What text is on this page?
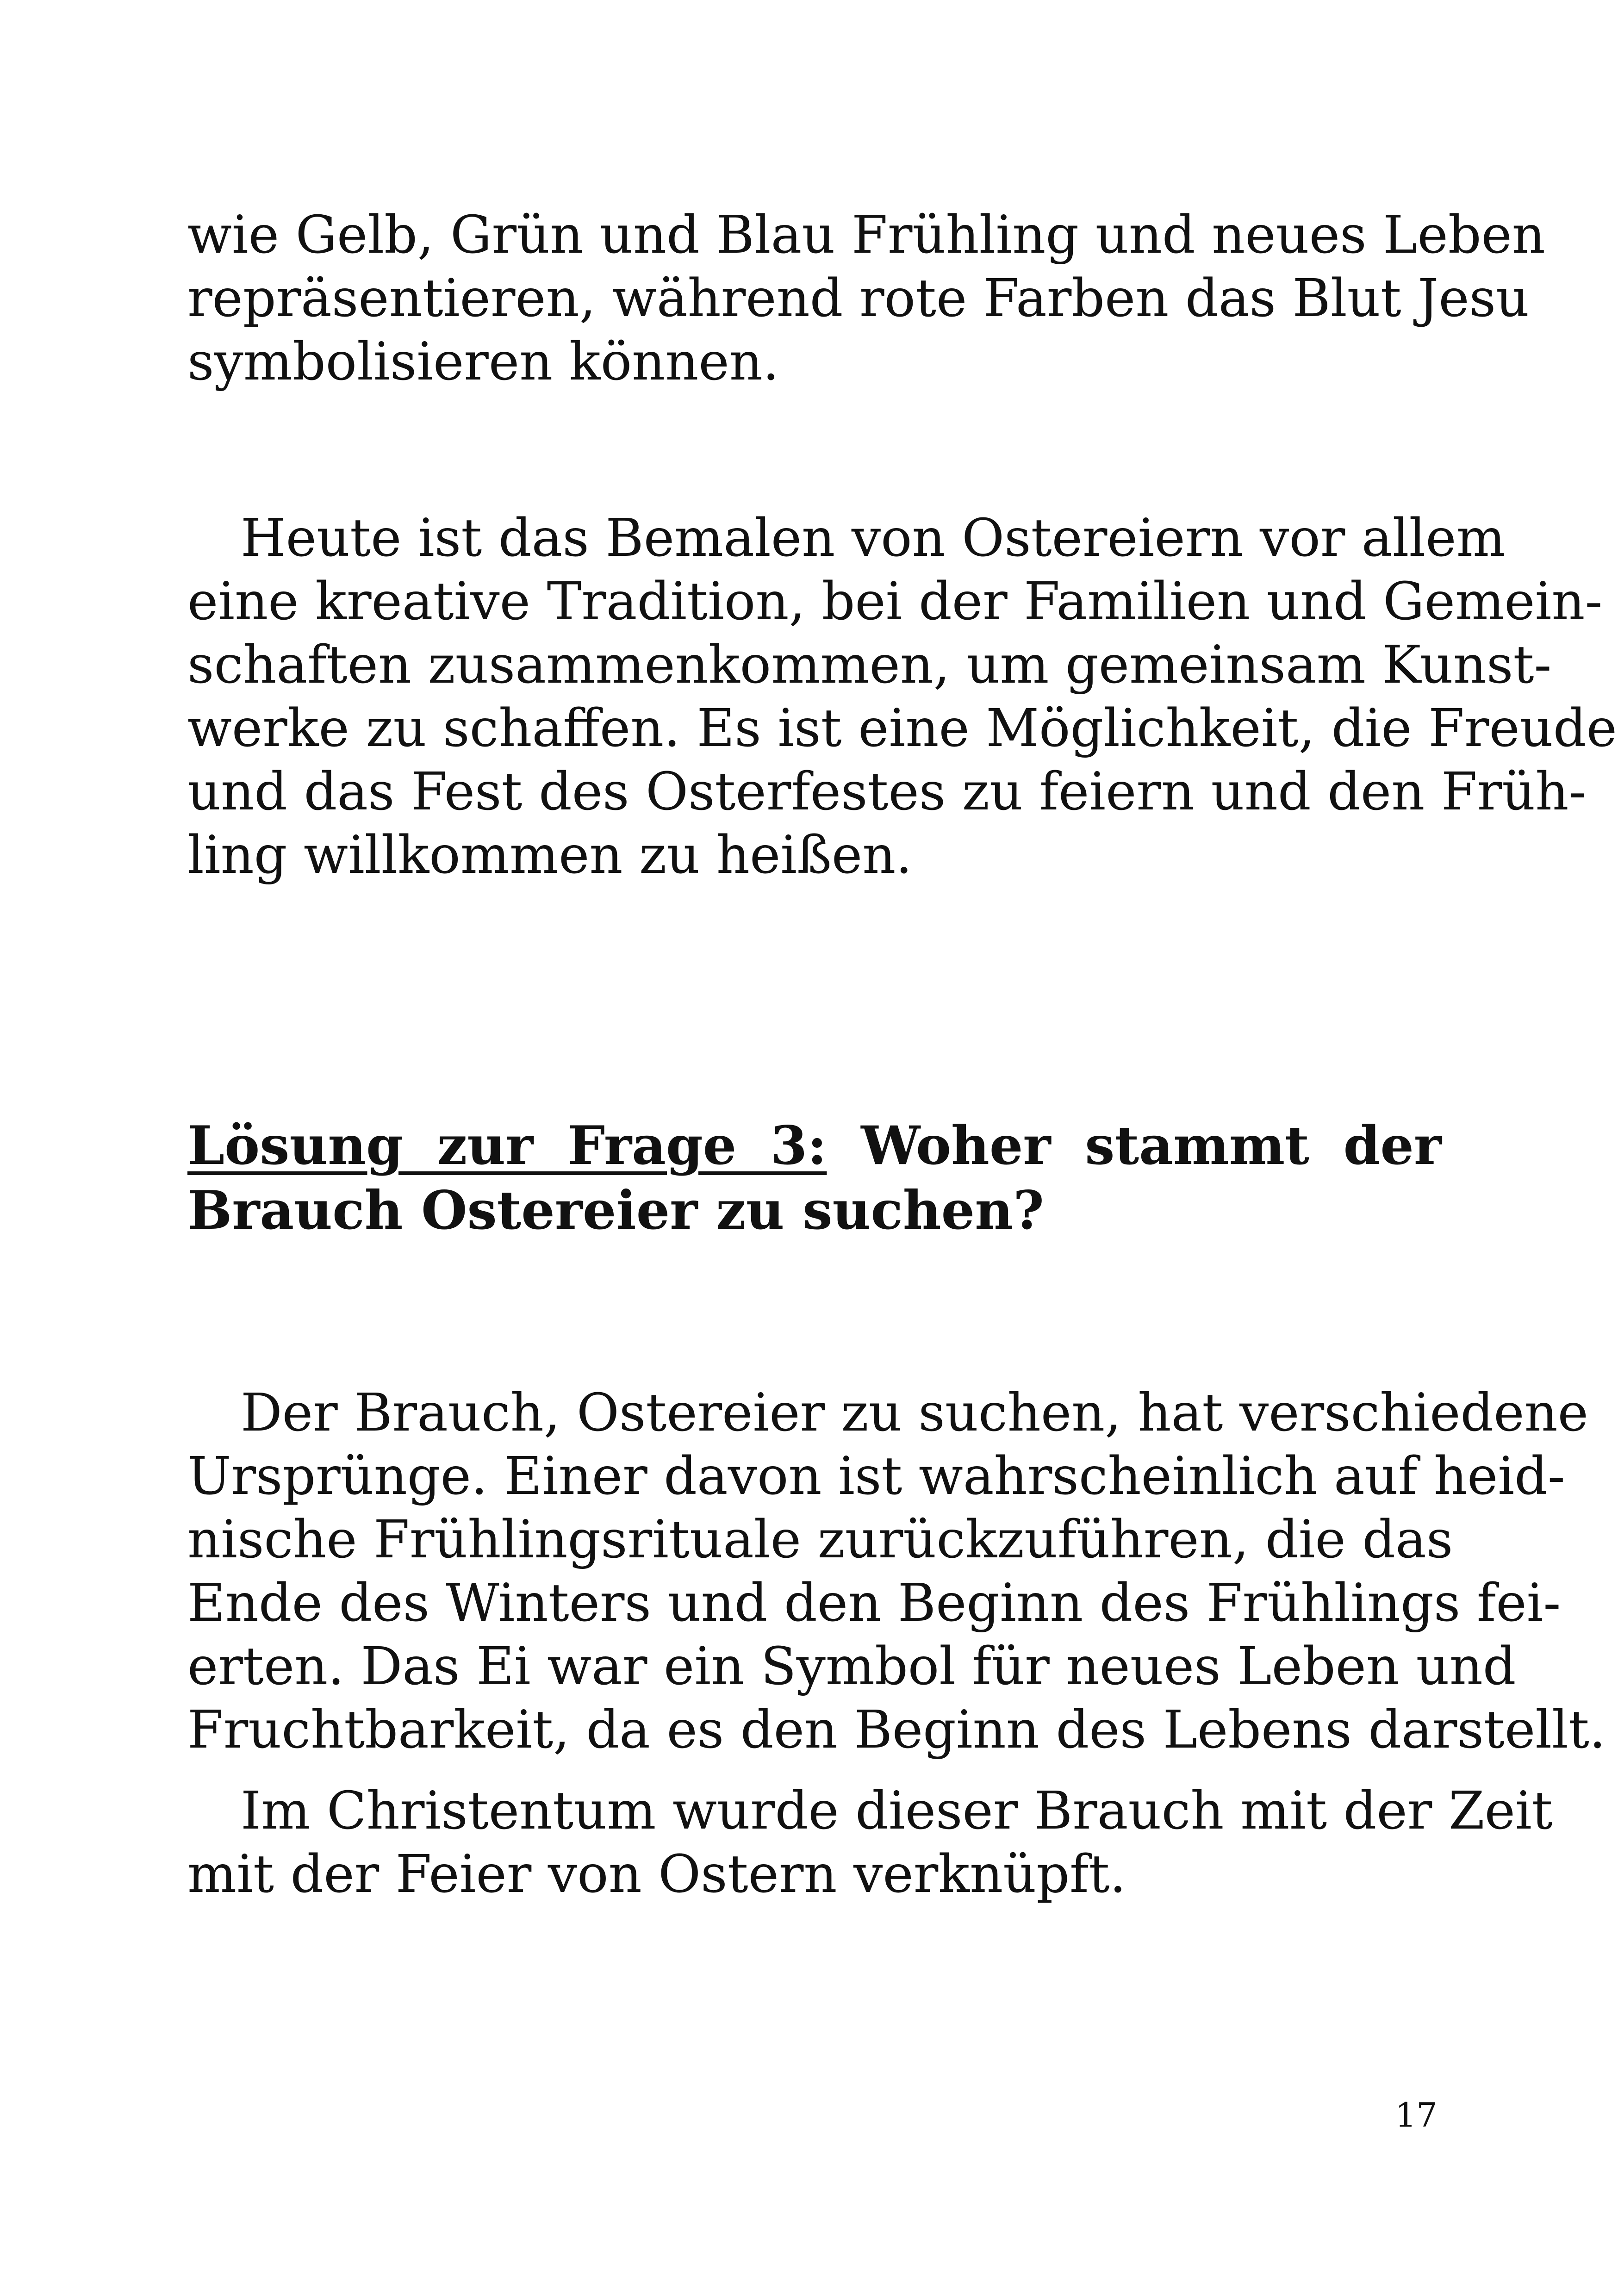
wie Gelb, Grün und Blau Frühling und neues Leben
repräsentieren, während rote Farben das Blut Jesu
symbolisieren können.
Heute ist das Bemalen von Ostereiern vor allem
eine kreative Tradition, bei der Familien und Gemein-
schaften zusammenkommen, um gemeinsam Kunst-
werke zu schaffen. Es ist eine Möglichkeit, die Freude
und das Fest des Osterfestes zu feiern und den Früh-
ling willkommen zu heißen.
Lösung zur Frage 3: Woher stammt der
Brauch Ostereier zu suchen?
Der Brauch, Ostereier zu suchen, hat verschiedene
Ursprünge. Einer davon ist wahrscheinlich auf heid-
nische Frühlingsrituale zurückzuführen, die das
Ende des Winters und den Beginn des Frühlings fei-
erten. Das Ei war ein Symbol für neues Leben und
Fruchtbarkeit, da es den Beginn des Lebens darstellt.
Im Christentum wurde dieser Brauch mit der Zeit
mit der Feier von Ostern verknüpft.
17
